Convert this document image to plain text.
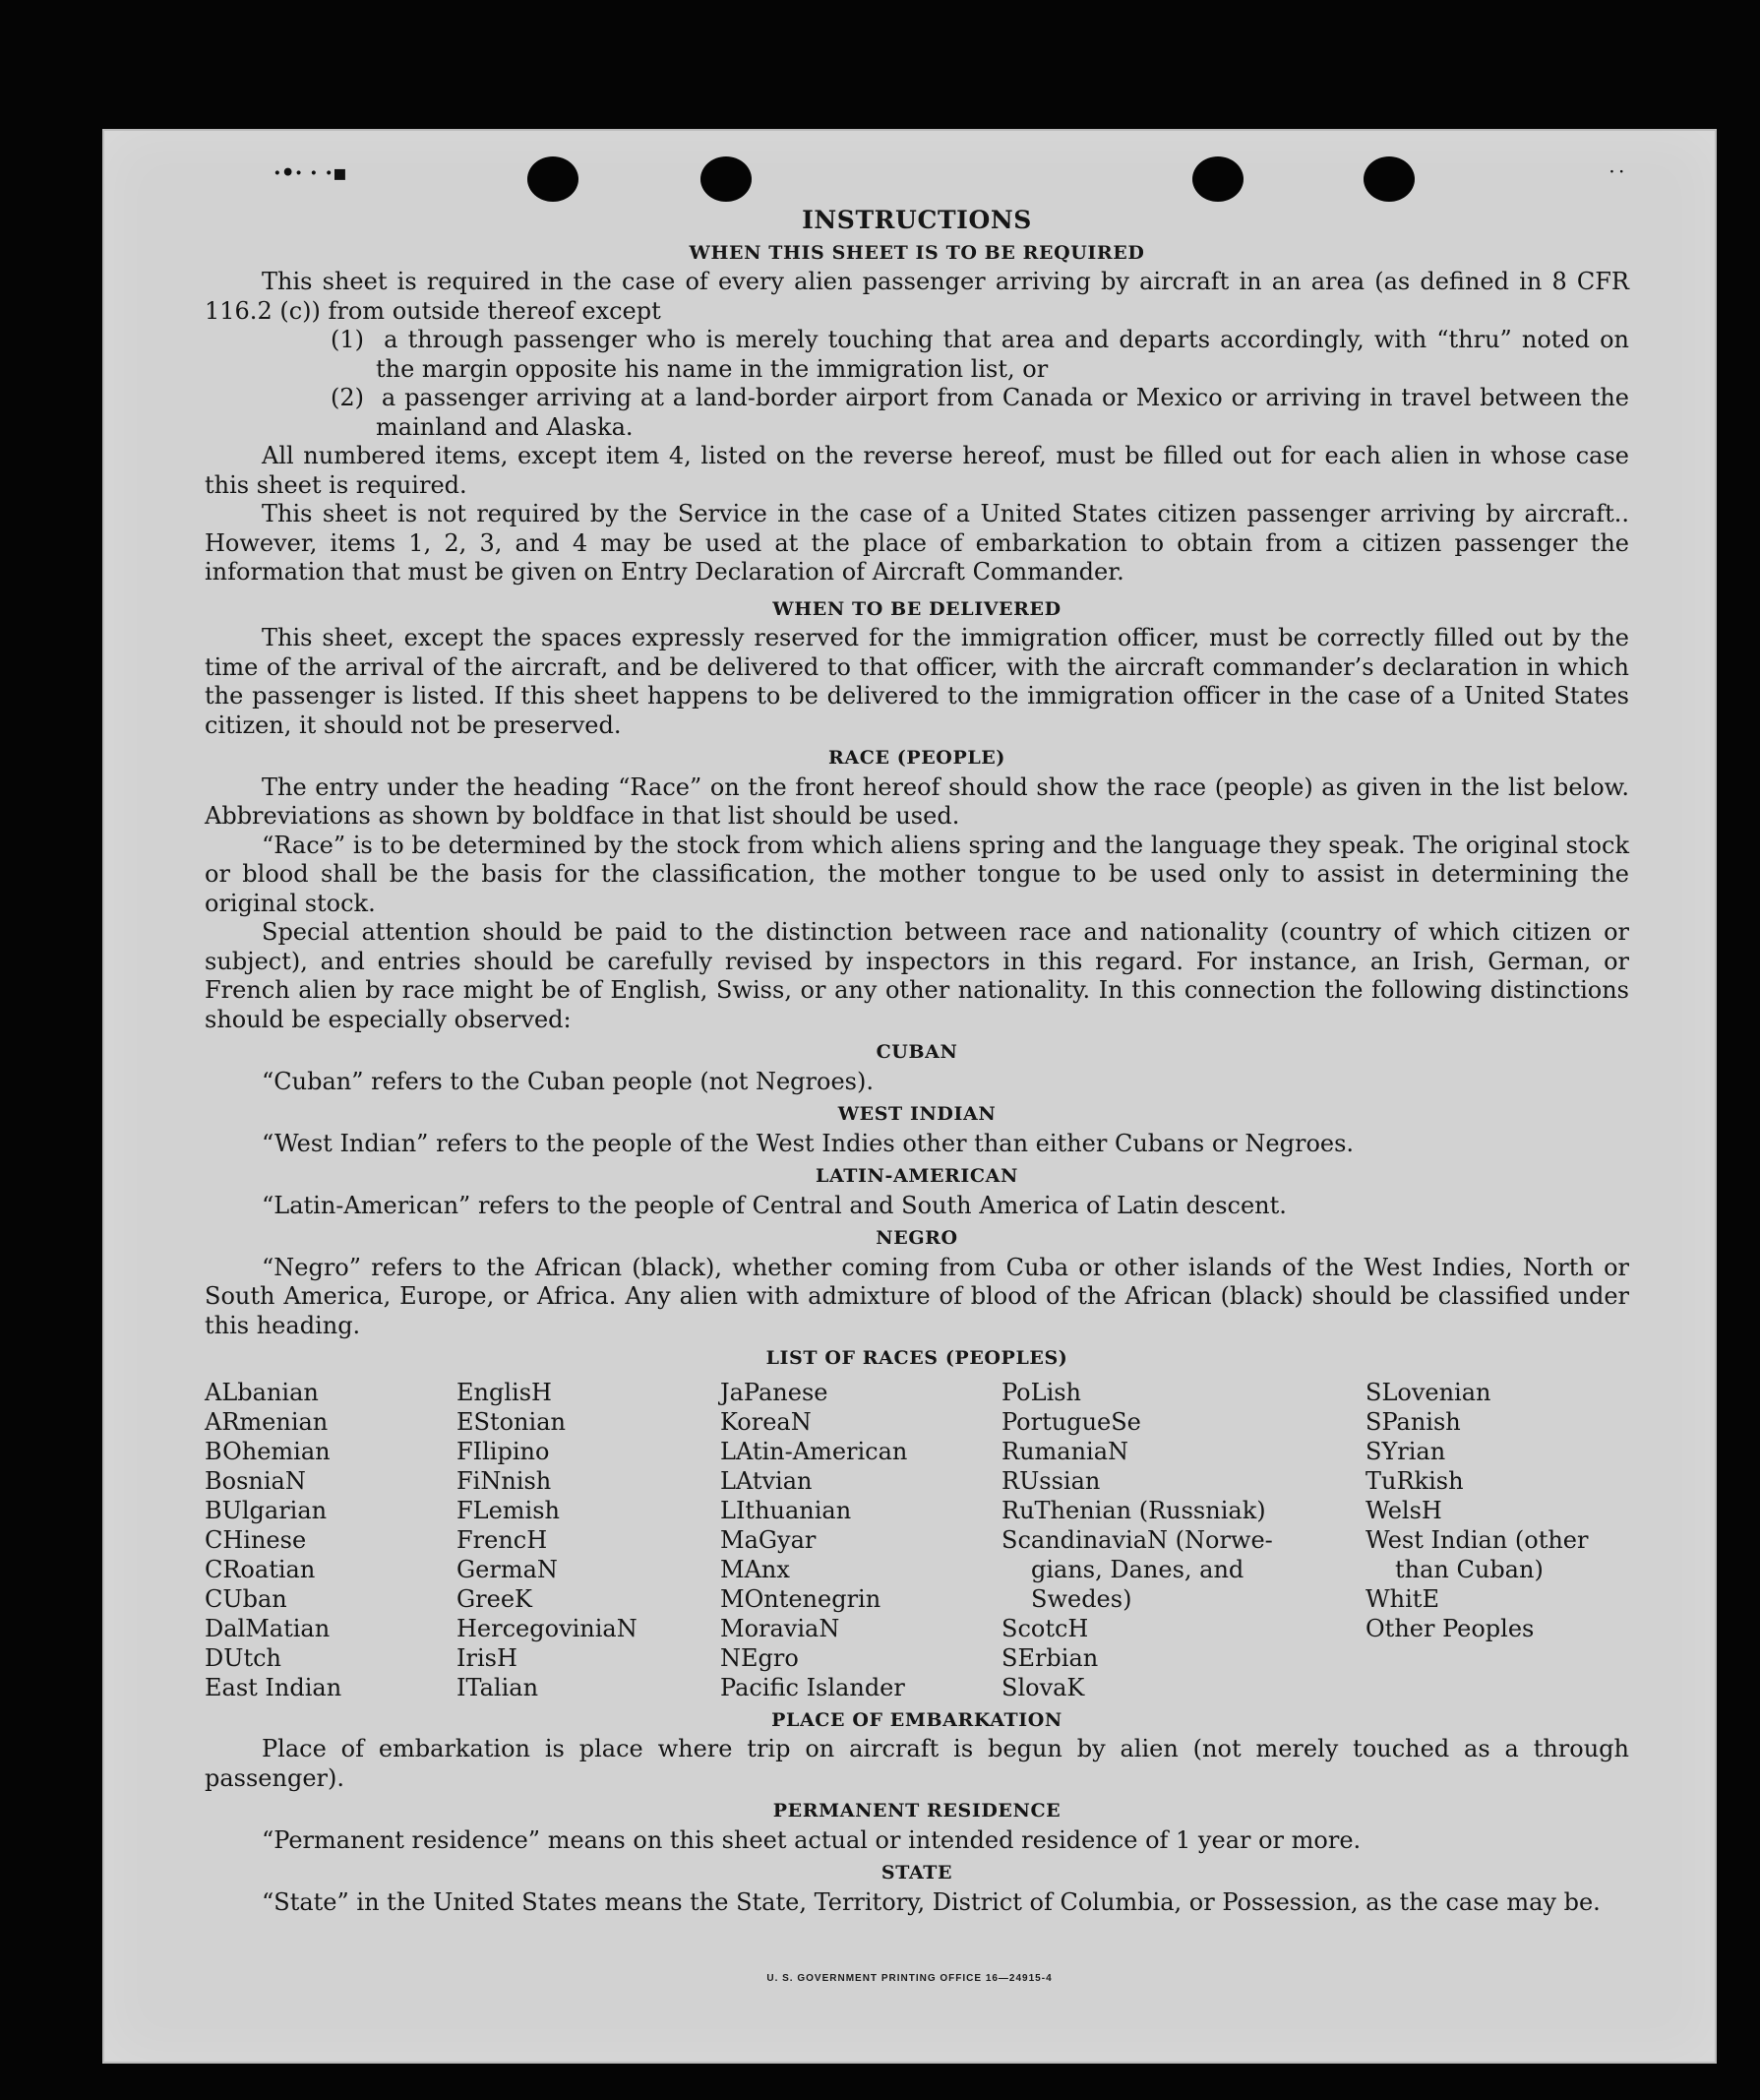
·•· · ·▪	· ·
INSTRUCTIONS
WHEN THIS SHEET IS TO BE REQUIRED

This sheet is required in the case of every alien passenger arriving by aircraft in an area (as defined in 8 CFR 116.2 (c)) from outside thereof except

(1) a through passenger who is merely touching that area and departs accordingly, with “thru” noted on the margin opposite his name in the immigration list, or

(2) a passenger arriving at a land-border airport from Canada or Mexico or arriving in travel between the mainland and Alaska.

All numbered items, except item 4, listed on the reverse hereof, must be filled out for each alien in whose case this sheet is required.

This sheet is not required by the Service in the case of a United States citizen passenger arriving by aircraft.. However, items 1, 2, 3, and 4 may be used at the place of embarkation to obtain from a citizen passenger the information that must be given on Entry Declaration of Aircraft Commander.

WHEN TO BE DELIVERED

This sheet, except the spaces expressly reserved for the immigration officer, must be correctly filled out by the time of the arrival of the aircraft, and be delivered to that officer, with the aircraft commander’s declaration in which the passenger is listed. If this sheet happens to be delivered to the immigration officer in the case of a United States citizen, it should not be preserved.

RACE (PEOPLE)

The entry under the heading “Race” on the front hereof should show the race (people) as given in the list below. Abbreviations as shown by boldface in that list should be used.

“Race” is to be determined by the stock from which aliens spring and the language they speak. The original stock or blood shall be the basis for the classification, the mother tongue to be used only to assist in determining the original stock.

Special attention should be paid to the distinction between race and nationality (country of which citizen or subject), and entries should be carefully revised by inspectors in this regard. For instance, an Irish, German, or French alien by race might be of English, Swiss, or any other nationality. In this connection the following distinctions should be especially observed:

CUBAN

“Cuban” refers to the Cuban people (not Negroes).

WEST INDIAN

“West Indian” refers to the people of the West Indies other than either Cubans or Negroes.

LATIN-AMERICAN

“Latin-American” refers to the people of Central and South America of Latin descent.

NEGRO

“Negro” refers to the African (black), whether coming from Cuba or other islands of the West Indies, North or South America, Europe, or Africa. Any alien with admixture of blood of the African (black) should be classified under this heading.

LIST OF RACES (PEOPLES)
ALbanian
ARmenian
BOhemian
BosniaN
BUlgarian
CHinese
CRoatian
CUban
DalMatian
DUtch
East Indian
EnglisH
EStonian
FIlipino
FiNnish
FLemish
FrencH
GermaN
GreeK
HercegoviniaN
IrisH
ITalian
JaPanese
KoreaN
LAtin-American
LAtvian
LIthuanian
MaGyar
MAnx
MOntenegrin
MoraviaN
NEgro
Pacific Islander
PoLish
PortugueSe
RumaniaN
RUssian
RuThenian (Russniak)
ScandinaviaN (Norwe-
gians, Danes, and
Swedes)
ScotcH
SErbian
SlovaK
SLovenian
SPanish
SYrian
TuRkish
WelsH
West Indian (other
than Cuban)
WhitE
Other Peoples
PLACE OF EMBARKATION

Place of embarkation is place where trip on aircraft is begun by alien (not merely touched as a through passenger).

PERMANENT RESIDENCE

“Permanent residence” means on this sheet actual or intended residence of 1 year or more.

STATE

“State” in the United States means the State, Territory, District of Columbia, or Possession, as the case may be.

U. S. GOVERNMENT PRINTING OFFICE 16—24915-4
